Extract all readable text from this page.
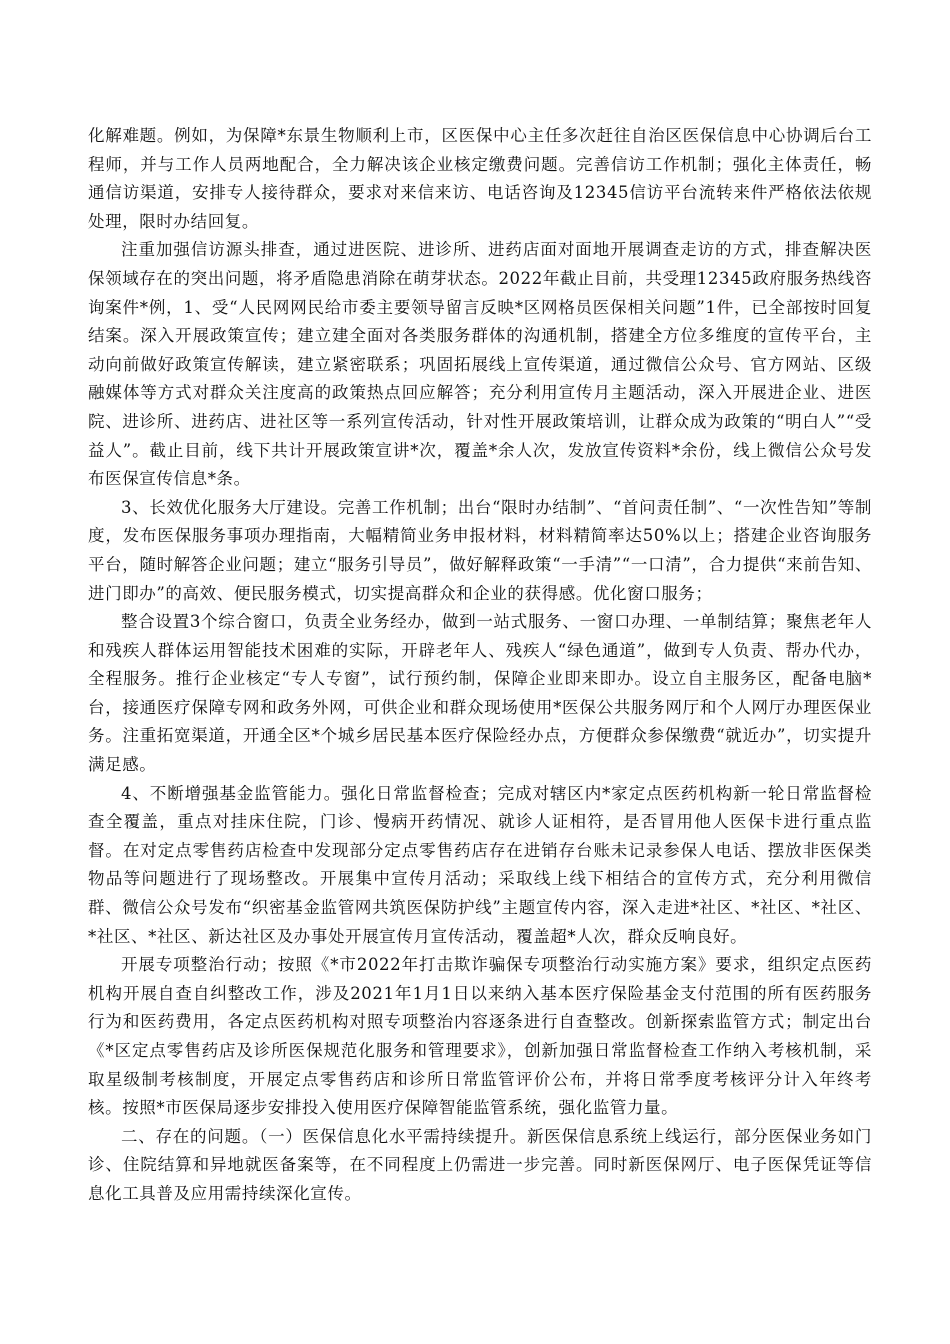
化解难题。例如，为保障*东景生物顺利上市，区医保中心主任多次赶往自治区医保信息中心协调后台工程师，并与工作人员两地配合，全力解决该企业核定缴费问题。完善信访工作机制；强化主体责任，畅通信访渠道，安排专人接待群众，要求对来信来访、电话咨询及12345信访平台流转来件严格依法依规处理，限时办结回复。

注重加强信访源头排查，通过进医院、进诊所、进药店面对面地开展调查走访的方式，排查解决医保领域存在的突出问题，将矛盾隐患消除在萌芽状态。2022年截止目前，共受理12345政府服务热线咨询案件*例，1、受“人民网网民给市委主要领导留言反映*区网格员医保相关问题”1件，已全部按时回复结案。深入开展政策宣传；建立建全面对各类服务群体的沟通机制，搭建全方位多维度的宣传平台，主动向前做好政策宣传解读，建立紧密联系；巩固拓展线上宣传渠道，通过微信公众号、官方网站、区级融媒体等方式对群众关注度高的政策热点回应解答；充分利用宣传月主题活动，深入开展进企业、进医院、进诊所、进药店、进社区等一系列宣传活动，针对性开展政策培训，让群众成为政策的“明白人”“受益人”。截止目前，线下共计开展政策宣讲*次，覆盖*余人次，发放宣传资料*余份，线上微信公众号发布医保宣传信息*条。

3、长效优化服务大厅建设。完善工作机制；出台“限时办结制”、“首问责任制”、“一次性告知”等制度，发布医保服务事项办理指南，大幅精简业务申报材料，材料精简率达50%以上；搭建企业咨询服务平台，随时解答企业问题；建立“服务引导员”，做好解释政策“一手清”“一口清”，合力提供“来前告知、进门即办”的高效、便民服务模式，切实提高群众和企业的获得感。优化窗口服务；

整合设置3个综合窗口，负责全业务经办，做到一站式服务、一窗口办理、一单制结算；聚焦老年人和残疾人群体运用智能技术困难的实际，开辟老年人、残疾人“绿色通道”，做到专人负责、帮办代办，全程服务。推行企业核定“专人专窗”，试行预约制，保障企业即来即办。设立自主服务区，配备电脑*台，接通医疗保障专网和政务外网，可供企业和群众现场使用*医保公共服务网厅和个人网厅办理医保业务。注重拓宽渠道，开通全区*个城乡居民基本医疗保险经办点，方便群众参保缴费“就近办”，切实提升满足感。

4、不断增强基金监管能力。强化日常监督检查；完成对辖区内*家定点医药机构新一轮日常监督检查全覆盖，重点对挂床住院，门诊、慢病开药情况、就诊人证相符，是否冒用他人医保卡进行重点监督。在对定点零售药店检查中发现部分定点零售药店存在进销存台账未记录参保人电话、摆放非医保类物品等问题进行了现场整改。开展集中宣传月活动；采取线上线下相结合的宣传方式，充分利用微信群、微信公众号发布“织密基金监管网共筑医保防护线”主题宣传内容，深入走进*社区、*社区、*社区、*社区、*社区、新达社区及办事处开展宣传月宣传活动，覆盖超*人次，群众反响良好。

开展专项整治行动；按照《*市2022年打击欺诈骗保专项整治行动实施方案》要求，组织定点医药机构开展自查自纠整改工作，涉及2021年1月1日以来纳入基本医疗保险基金支付范围的所有医药服务行为和医药费用，各定点医药机构对照专项整治内容逐条进行自查整改。创新探索监管方式；制定出台《*区定点零售药店及诊所医保规范化服务和管理要求》，创新加强日常监督检查工作纳入考核机制，采取星级制考核制度，开展定点零售药店和诊所日常监管评价公布，并将日常季度考核评分计入年终考核。按照*市医保局逐步安排投入使用医疗保障智能监管系统，强化监管力量。

二、存在的问题。（一）医保信息化水平需持续提升。新医保信息系统上线运行，部分医保业务如门诊、住院结算和异地就医备案等，在不同程度上仍需进一步完善。同时新医保网厅、电子医保凭证等信息化工具普及应用需持续深化宣传。
